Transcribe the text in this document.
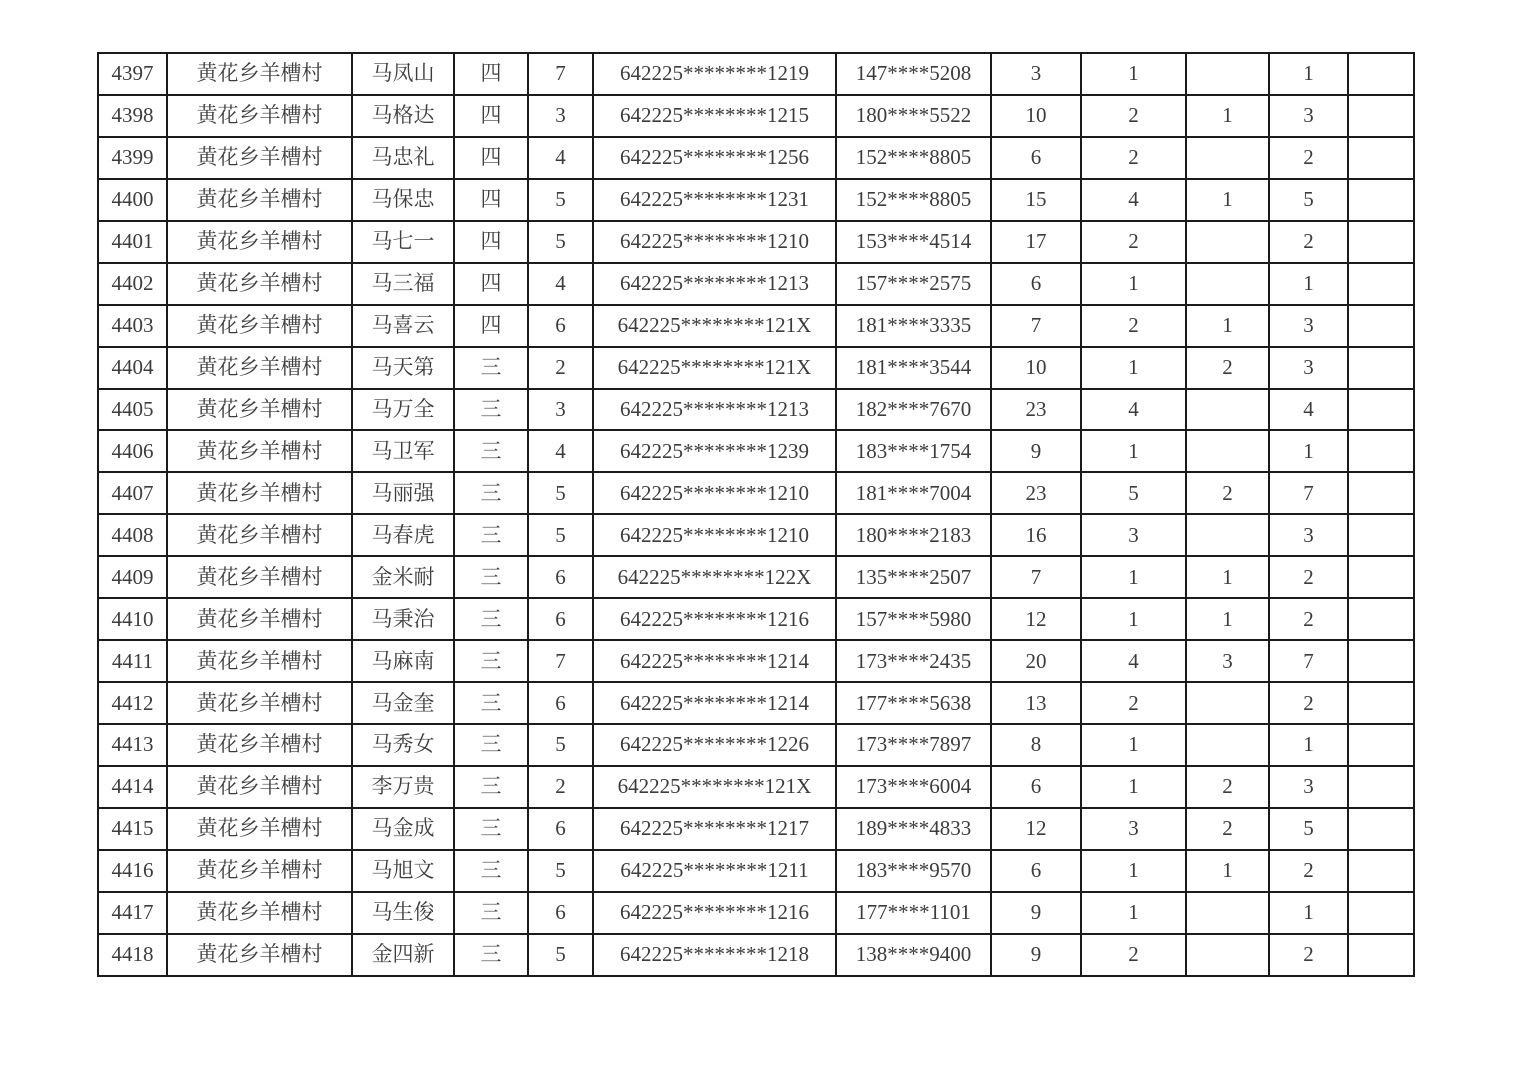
4397	黄花乡羊槽村	马凤山	四	7	642225********1219	147****5208	3	1		1	
4398	黄花乡羊槽村	马格达	四	3	642225********1215	180****5522	10	2	1	3	
4399	黄花乡羊槽村	马忠礼	四	4	642225********1256	152****8805	6	2		2	
4400	黄花乡羊槽村	马保忠	四	5	642225********1231	152****8805	15	4	1	5	
4401	黄花乡羊槽村	马七一	四	5	642225********1210	153****4514	17	2		2	
4402	黄花乡羊槽村	马三福	四	4	642225********1213	157****2575	6	1		1	
4403	黄花乡羊槽村	马喜云	四	6	642225********121X	181****3335	7	2	1	3	
4404	黄花乡羊槽村	马天第	三	2	642225********121X	181****3544	10	1	2	3	
4405	黄花乡羊槽村	马万全	三	3	642225********1213	182****7670	23	4		4	
4406	黄花乡羊槽村	马卫军	三	4	642225********1239	183****1754	9	1		1	
4407	黄花乡羊槽村	马丽强	三	5	642225********1210	181****7004	23	5	2	7	
4408	黄花乡羊槽村	马春虎	三	5	642225********1210	180****2183	16	3		3	
4409	黄花乡羊槽村	金米耐	三	6	642225********122X	135****2507	7	1	1	2	
4410	黄花乡羊槽村	马秉治	三	6	642225********1216	157****5980	12	1	1	2	
4411	黄花乡羊槽村	马麻南	三	7	642225********1214	173****2435	20	4	3	7	
4412	黄花乡羊槽村	马金奎	三	6	642225********1214	177****5638	13	2		2	
4413	黄花乡羊槽村	马秀女	三	5	642225********1226	173****7897	8	1		1	
4414	黄花乡羊槽村	李万贵	三	2	642225********121X	173****6004	6	1	2	3	
4415	黄花乡羊槽村	马金成	三	6	642225********1217	189****4833	12	3	2	5	
4416	黄花乡羊槽村	马旭文	三	5	642225********1211	183****9570	6	1	1	2	
4417	黄花乡羊槽村	马生俊	三	6	642225********1216	177****1101	9	1		1	
4418	黄花乡羊槽村	金四新	三	5	642225********1218	138****9400	9	2		2	
